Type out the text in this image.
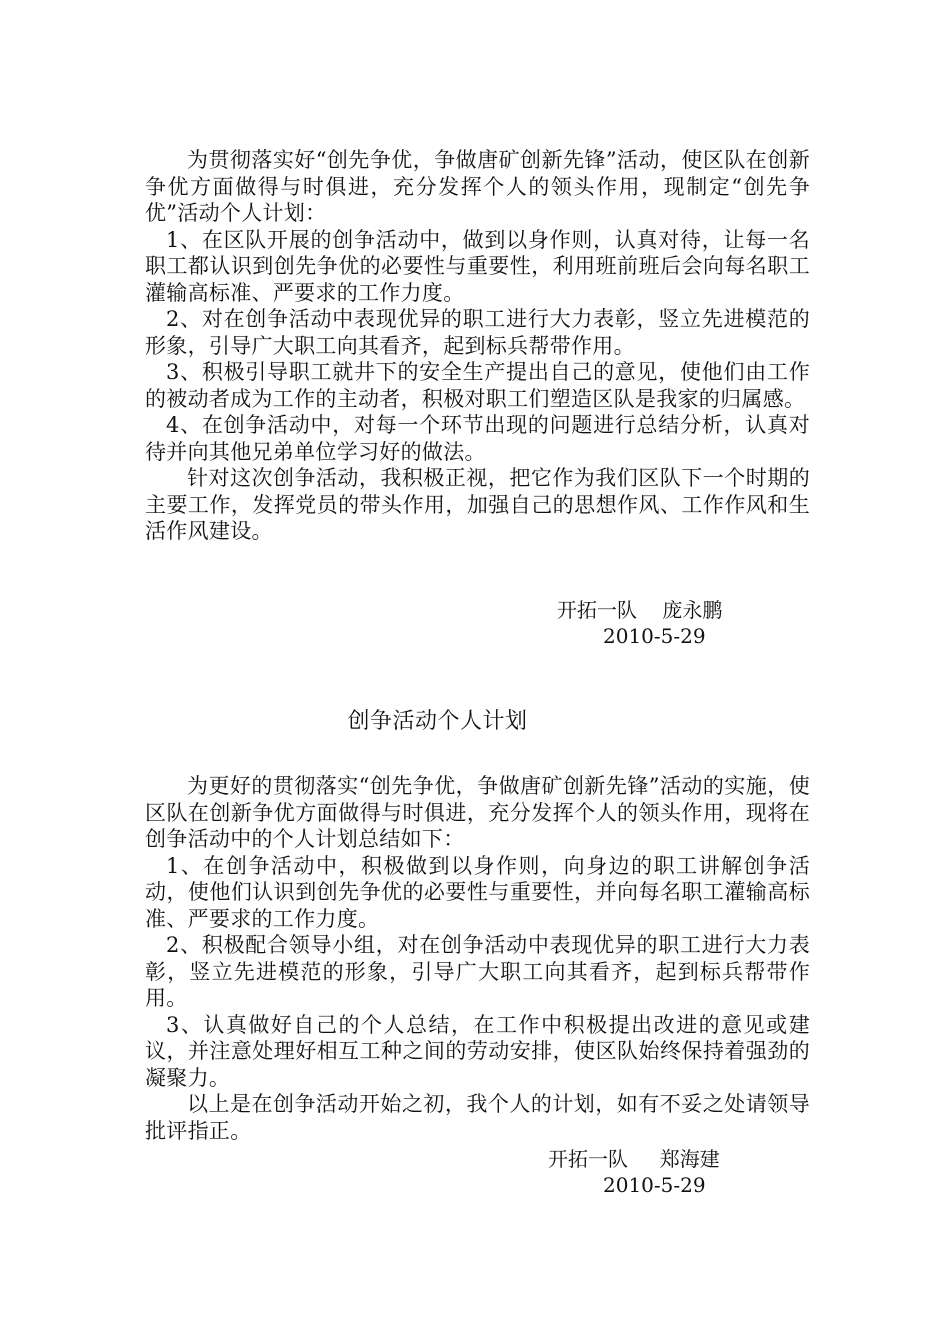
为贯彻落实好“创先争优，争做唐矿创新先锋”活动，使区队在创新争优方面做得与时俱进，充分发挥个人的领头作用，现制定“创先争优”活动个人计划：

1、在区队开展的创争活动中，做到以身作则，认真对待，让每一名职工都认识到创先争优的必要性与重要性，利用班前班后会向每名职工灌输高标准、严要求的工作力度。

2、对在创争活动中表现优异的职工进行大力表彰，竖立先进模范的形象，引导广大职工向其看齐，起到标兵帮带作用。

3、积极引导职工就井下的安全生产提出自己的意见，使他们由工作的被动者成为工作的主动者，积极对职工们塑造区队是我家的归属感。

4、在创争活动中，对每一个环节出现的问题进行总结分析，认真对待并向其他兄弟单位学习好的做法。

针对这次创争活动，我积极正视，把它作为我们区队下一个时期的主要工作，发挥党员的带头作用，加强自己的思想作风、工作作风和生活作风建设。

开拓一队    庞永鹏
2010-5-29
创争活动个人计划

为更好的贯彻落实“创先争优，争做唐矿创新先锋”活动的实施，使区队在创新争优方面做得与时俱进，充分发挥个人的领头作用，现将在创争活动中的个人计划总结如下：

1、在创争活动中，积极做到以身作则，向身边的职工讲解创争活动，使他们认识到创先争优的必要性与重要性，并向每名职工灌输高标准、严要求的工作力度。

2、积极配合领导小组，对在创争活动中表现优异的职工进行大力表彰，竖立先进模范的形象，引导广大职工向其看齐，起到标兵帮带作用。

3、认真做好自己的个人总结，在工作中积极提出改进的意见或建议，并注意处理好相互工种之间的劳动安排，使区队始终保持着强劲的凝聚力。

以上是在创争活动开始之初，我个人的计划，如有不妥之处请领导批评指正。

开拓一队     郑海建
2010-5-29
